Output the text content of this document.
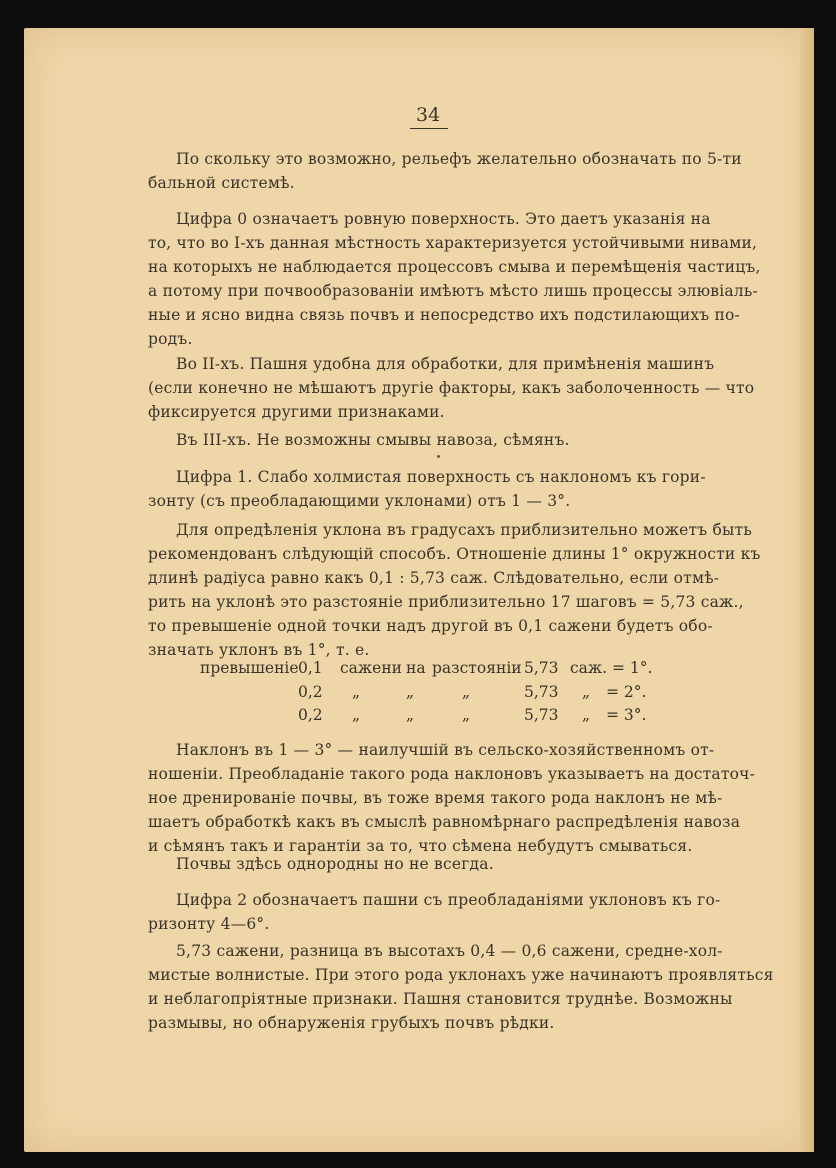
34
По скольку это возможно, рельефъ желательно обозначать по 5-ти
бальной системѣ.
Цифра 0 означаетъ ровную поверхность. Это даетъ указанія на
то, что во I-хъ данная мѣстность характеризуется устойчивыми нивами,
на которыхъ не наблюдается процессовъ смыва и перемѣщенія частицъ,
а потому при почвообразованіи имѣютъ мѣсто лишь процессы элювіаль-
ные и ясно видна связь почвъ и непосредство ихъ подстилающихъ по-
родъ.
Во II-хъ. Пашня удобна для обработки, для примѣненія машинъ
(если конечно не мѣшаютъ другіе факторы, какъ заболоченность — что
фиксируется другими признаками.
Въ III-хъ. Не возможны смывы навоза, сѣмянъ.
Цифра 1. Слабо холмистая поверхность съ наклономъ къ гори-
зонту (съ преобладающими уклонами) отъ 1 — 3°.
Для опредѣленія уклона въ градусахъ приблизительно можетъ быть
рекомендованъ слѣдующій способъ. Отношеніе длины 1° окружности къ
длинѣ радіуса равно какъ 0,1 : 5,73 саж. Слѣдовательно, если отмѣ-
рить на уклонѣ это разстояніе приблизительно 17 шаговъ = 5,73 саж.,
то превышеніе одной точки надъ другой въ 0,1 сажени будетъ обо-
значать уклонъ въ 1°, т. е.
превышеніе 0,1 сажени на разстояніи 5,73 саж. = 1°.
0,2 „	„	„	5,73 „ = 2°.
0,2 „	„	„	5,73 „ = 3°.
Наклонъ въ 1 — 3° — наилучшій въ сельско-хозяйственномъ от-
ношеніи. Преобладаніе такого рода наклоновъ указываетъ на достаточ-
ное дренированіе почвы, въ тоже время такого рода наклонъ не мѣ-
шаетъ обработкѣ какъ въ смыслѣ равномѣрнаго распредѣленія навоза
и сѣмянъ такъ и гарантіи за то, что сѣмена небудутъ смываться.
Почвы здѣсь однородны но не всегда.
Цифра 2 обозначаетъ пашни съ преобладаніями уклоновъ къ го-
ризонту 4—6°.
5,73 сажени, разница въ высотахъ 0,4 — 0,6 сажени, средне-хол-
мистые волнистые. При этого рода уклонахъ уже начинаютъ проявляться
и неблагопріятные признаки. Пашня становится труднѣе. Возможны
размывы, но обнаруженія грубыхъ почвъ рѣдки.
